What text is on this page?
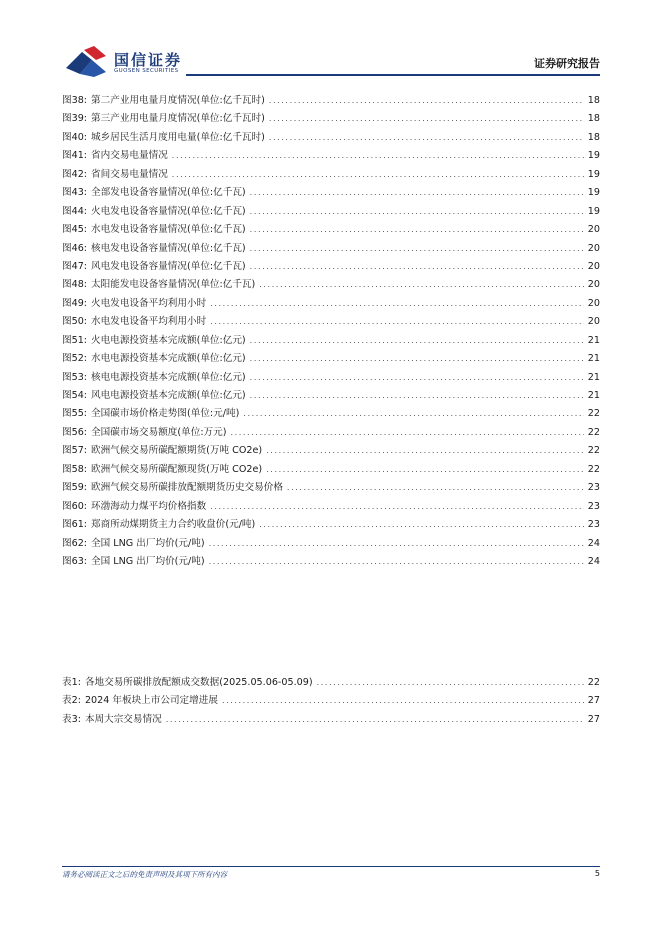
国信证券
GUOSEN SECURITIES
证券研究报告
图38: 第二产业用电量月度情况(单位:亿千瓦时) .....	18
图39: 第三产业用电量月度情况(单位:亿千瓦时) .....	18
图40: 城乡居民生活月度用电量(单位:亿千瓦时) .....	18
图41: 省内交易电量情况 .....	19
图42: 省间交易电量情况 .....	19
图43: 全部发电设备容量情况(单位:亿千瓦) .....	19
图44: 火电发电设备容量情况(单位:亿千瓦) .....	19
图45: 水电发电设备容量情况(单位:亿千瓦) .....	20
图46: 核电发电设备容量情况(单位:亿千瓦) .....	20
图47: 风电发电设备容量情况(单位:亿千瓦) .....	20
图48: 太阳能发电设备容量情况(单位:亿千瓦) .....	20
图49: 火电发电设备平均利用小时 .....	20
图50: 水电发电设备平均利用小时 .....	20
图51: 火电电源投资基本完成额(单位:亿元) .....	21
图52: 水电电源投资基本完成额(单位:亿元) .....	21
图53: 核电电源投资基本完成额(单位:亿元) .....	21
图54: 风电电源投资基本完成额(单位:亿元) .....	21
图55: 全国碳市场价格走势图(单位:元/吨) .....	22
图56: 全国碳市场交易额度(单位:万元) .....	22
图57: 欧洲气候交易所碳配额期货(万吨 CO2e) .....	22
图58: 欧洲气候交易所碳配额现货(万吨 CO2e) .....	22
图59: 欧洲气候交易所碳排放配额期货历史交易价格 .....	23
图60: 环渤海动力煤平均价格指数 .....	23
图61: 郑商所动煤期货主力合约收盘价(元/吨) .....	23
图62: 全国 LNG 出厂均价(元/吨) .....	24
图63: 全国 LNG 出厂均价(元/吨) .....	24
表1: 各地交易所碳排放配额成交数据(2025.05.06-05.09) .....	22
表2: 2024 年板块上市公司定增进展 .....	27
表3: 本周大宗交易情况 .....	27
请务必阅读正文之后的免责声明及其项下所有内容	5
